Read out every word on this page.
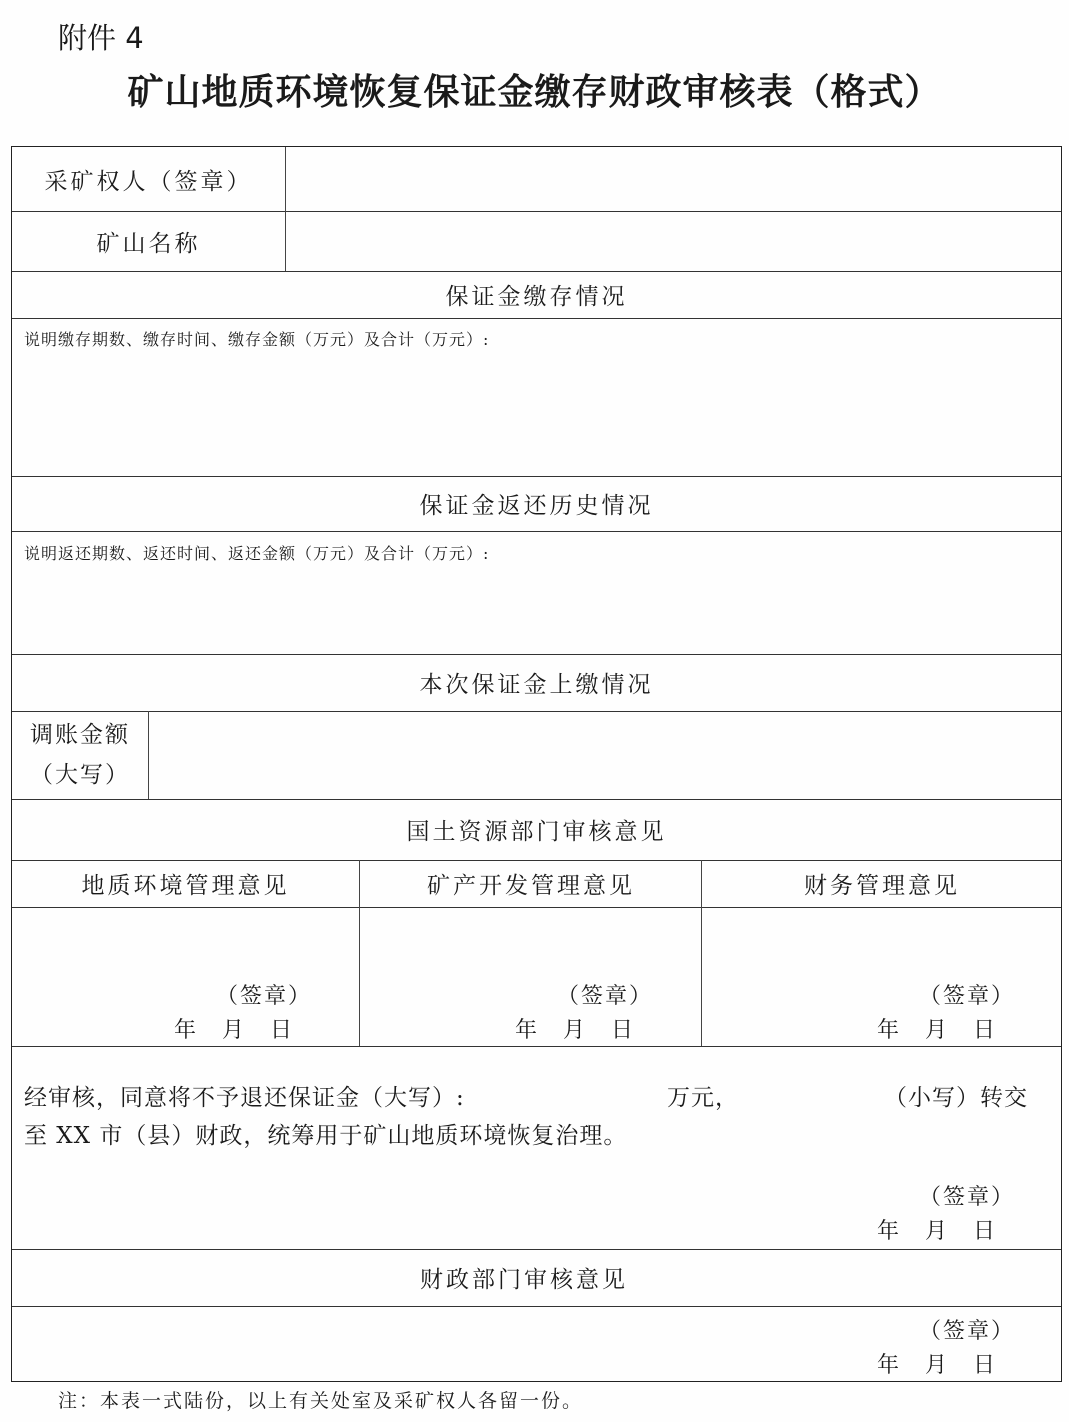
附件 4
矿山地质环境恢复保证金缴存财政审核表（格式）
采矿权人（签章）
矿山名称
保证金缴存情况
说明缴存期数、缴存时间、缴存金额（万元）及合计（万元）:
保证金返还历史情况
说明返还期数、返还时间、返还金额（万元）及合计（万元）:
本次保证金上缴情况
调账金额
（大写）
国土资源部门审核意见
地质环境管理意见	矿产开发管理意见	财务管理意见
（签章）
年　月　日
（签章）
年　月　日
（签章）
年　月　日
经审核，同意将不予退还保证金（大写）:	万元，	（小写）转交
至 XX 市（县）财政，统筹用于矿山地质环境恢复治理。
（签章）
年　月　日
财政部门审核意见
（签章）
年　月　日
注：本表一式陆份，以上有关处室及采矿权人各留一份。
